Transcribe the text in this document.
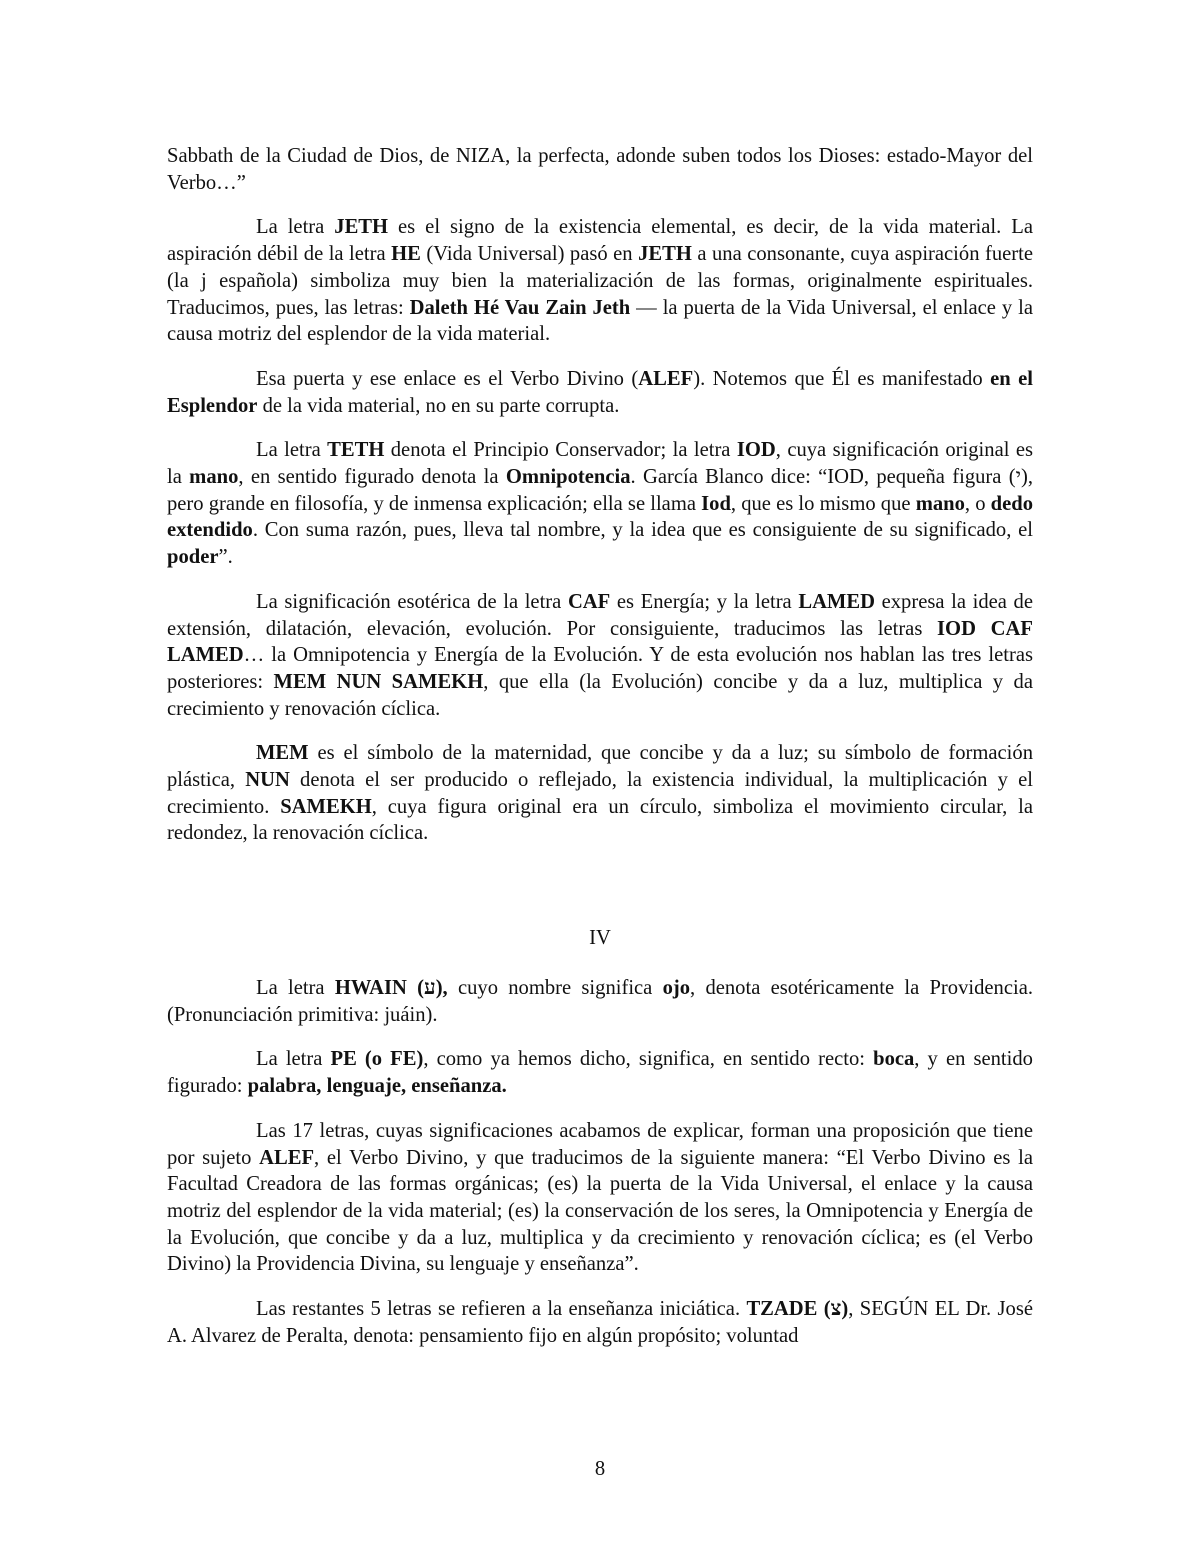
Sabbath de la Ciudad de Dios, de NIZA, la perfecta, adonde suben todos los Dioses: estado-Mayor del Verbo…”

La letra JETH es el signo de la existencia elemental, es decir, de la vida material. La aspiración débil de la letra HE (Vida Universal) pasó en JETH a una consonante, cuya aspiración fuerte (la j española) simboliza muy bien la materialización de las formas, originalmente espirituales. Traducimos, pues, las letras: Daleth Hé Vau Zain Jeth — la puerta de la Vida Universal, el enlace y la causa motriz del esplendor de la vida material.

Esa puerta y ese enlace es el Verbo Divino (ALEF). Notemos que Él es manifestado en el Esplendor de la vida material, no en su parte corrupta.

La letra TETH denota el Principio Conservador; la letra IOD, cuya significación original es la mano, en sentido figurado denota la Omnipotencia. García Blanco dice: “IOD, pequeña figura (י), pero grande en filosofía, y de inmensa explicación; ella se llama Iod, que es lo mismo que mano, o dedo extendido. Con suma razón, pues, lleva tal nombre, y la idea que es consiguiente de su significado, el poder”.

La significación esotérica de la letra CAF es Energía; y la letra LAMED expresa la idea de extensión, dilatación, elevación, evolución. Por consiguiente, traducimos las letras IOD CAF LAMED… la Omnipotencia y Energía de la Evolución. Y de esta evolución nos hablan las tres letras posteriores: MEM NUN SAMEKH, que ella (la Evolución) concibe y da a luz, multiplica y da crecimiento y renovación cíclica.

MEM es el símbolo de la maternidad, que concibe y da a luz; su símbolo de formación plástica, NUN denota el ser producido o reflejado, la existencia individual, la multiplicación y el crecimiento. SAMEKH, cuya figura original era un círculo, simboliza el movimiento circular, la redondez, la renovación cíclica.

IV

La letra HWAIN (ע), cuyo nombre significa ojo, denota esotéricamente la Providencia. (Pronunciación primitiva: juáin).

La letra PE (o FE), como ya hemos dicho, significa, en sentido recto: boca, y en sentido figurado: palabra, lenguaje, enseñanza.

Las 17 letras, cuyas significaciones acabamos de explicar, forman una proposición que tiene por sujeto ALEF, el Verbo Divino, y que traducimos de la siguiente manera: “El Verbo Divino es la Facultad Creadora de las formas orgánicas; (es) la puerta de la Vida Universal, el enlace y la causa motriz del esplendor de la vida material; (es) la conservación de los seres, la Omnipotencia y Energía de la Evolución, que concibe y da a luz, multiplica y da crecimiento y renovación cíclica; es (el Verbo Divino) la Providencia Divina, su lenguaje y enseñanza”.

Las restantes 5 letras se refieren a la enseñanza iniciática. TZADE (צ), SEGÚN EL Dr. José A. Alvarez de Peralta, denota: pensamiento fijo en algún propósito; voluntad

8
